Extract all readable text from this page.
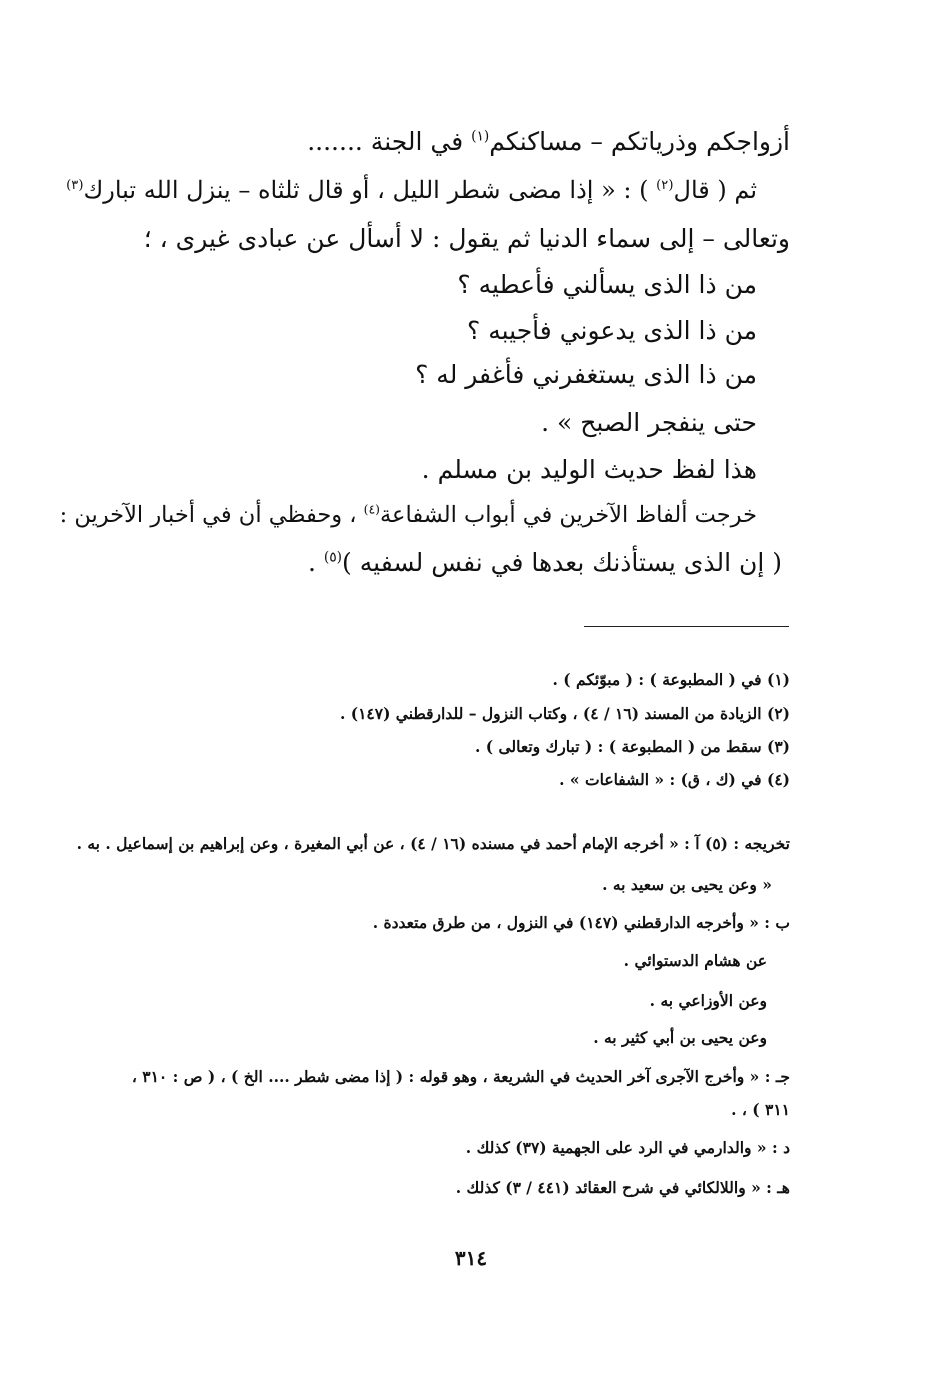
أزواجكم وذرياتكم – مساكنكم$^{(١)}$ في الجنة .......
ثم ( قال$^{(٢)}$ ) : « إذا مضى شطر الليل ، أو قال ثلثاه – ينزل الله تبارك$^{(٣)}$
وتعالى – إلى سماء الدنيا ثم يقول : لا أسأل عن عبادى غيرى ، ؛
من ذا الذى يسألني فأعطيه ؟
من ذا الذى يدعوني فأجيبه ؟
من ذا الذى يستغفرني فأغفر له ؟
حتى ينفجر الصبح » .
هذا لفظ حديث الوليد بن مسلم .
خرجت ألفاظ الآخرين في أبواب الشفاعة$^{(٤)}$ ، وحفظي أن في أخبار الآخرين :
( إن الذى يستأذنك بعدها في نفس لسفيه )$^{(٥)}$ .
(١) في ( المطبوعة ) : ( مبوّئكم ) .
(٢) الزيادة من المسند (١٦ / ٤) ، وكتاب النزول – للدارقطني (١٤٧) .
(٣) سقط من ( المطبوعة ) : ( تبارك وتعالى ) .
(٤) في (ك ، ق) : « الشفاعات » .
تخريجه : (٥) آ : « أخرجه الإمام أحمد في مسنده (١٦ / ٤) ، عن أبي المغيرة ، وعن إبراهيم بن إسماعيل . به .
« وعن يحيى بن سعيد به .
ب : « وأخرجه الدارقطني (١٤٧) في النزول ، من طرق متعددة .
عن هشام الدستوائي .
وعن الأوزاعي به .
وعن يحيى بن أبي كثير به .
جـ : « وأخرج الآجرى آخر الحديث في الشريعة ، وهو قوله : ( إذا مضى شطر .... الخ ) ، ( ص : ٣١٠ ،
٣١١ ) ، .
د : « والدارمي في الرد على الجهمية (٣٧) كذلك .
هـ : « واللالكائي في شرح العقائد (٤٤١ / ٣) كذلك .
٣١٤
